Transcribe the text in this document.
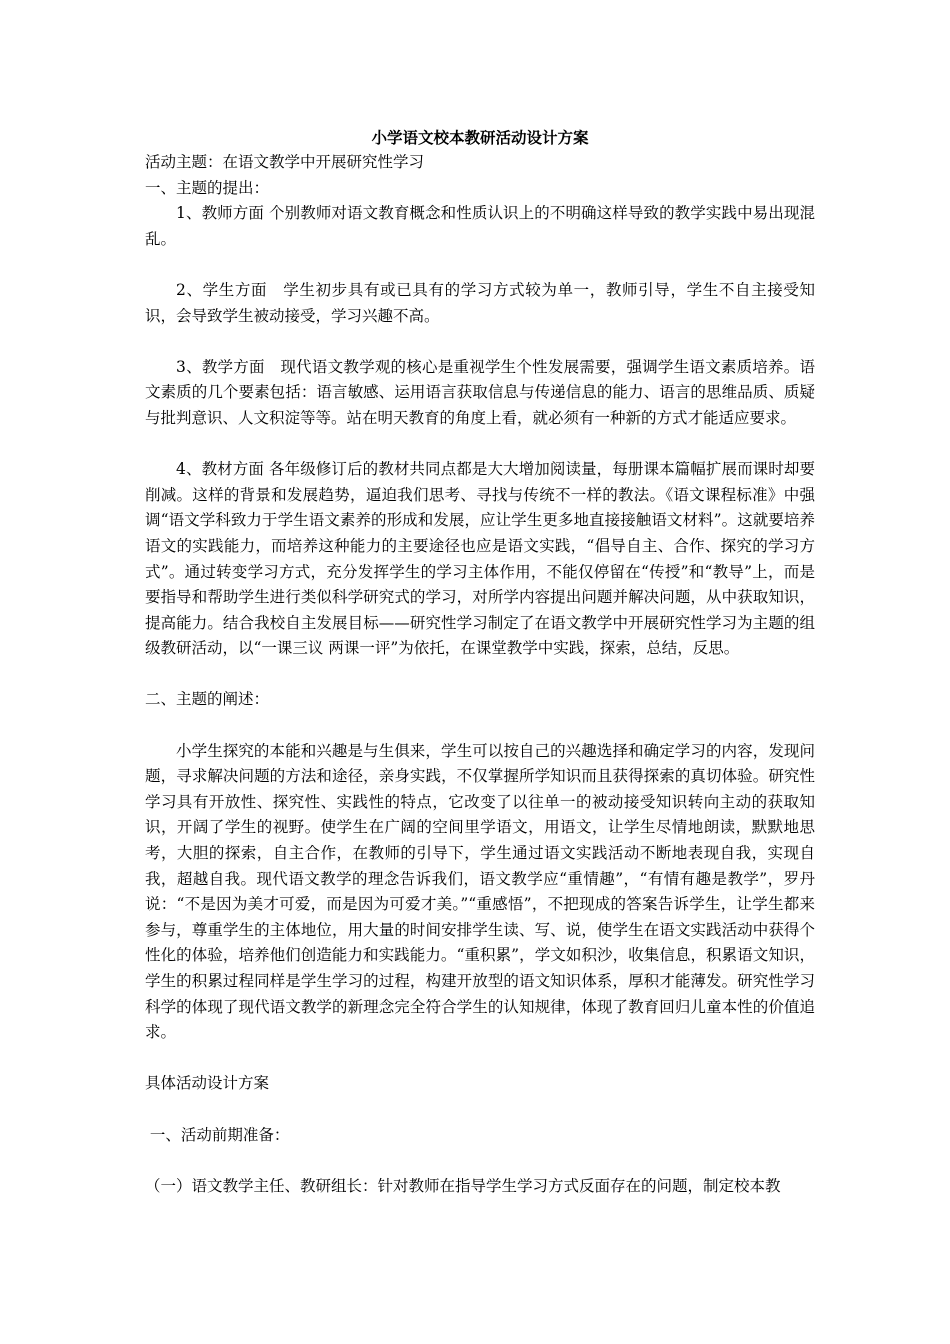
小学语文校本教研活动设计方案

活动主题：在语文教学中开展研究性学习

一、主题的提出：

1、教师方面 个别教师对语文教育概念和性质认识上的不明确这样导致的教学实践中易出现混乱。

2、学生方面　学生初步具有或已具有的学习方式较为单一，教师引导，学生不自主接受知识，会导致学生被动接受，学习兴趣不高。

3、教学方面　现代语文教学观的核心是重视学生个性发展需要，强调学生语文素质培养。语文素质的几个要素包括：语言敏感、运用语言获取信息与传递信息的能力、语言的思维品质、质疑与批判意识、人文积淀等等。站在明天教育的角度上看，就必须有一种新的方式才能适应要求。

4、教材方面 各年级修订后的教材共同点都是大大增加阅读量，每册课本篇幅扩展而课时却要削减。这样的背景和发展趋势，逼迫我们思考、寻找与传统不一样的教法。《语文课程标准》中强调“语文学科致力于学生语文素养的形成和发展，应让学生更多地直接接触语文材料”。这就要培养语文的实践能力，而培养这种能力的主要途径也应是语文实践，“倡导自主、合作、探究的学习方式”。通过转变学习方式，充分发挥学生的学习主体作用，不能仅停留在“传授”和“教导”上，而是要指导和帮助学生进行类似科学研究式的学习，对所学内容提出问题并解决问题，从中获取知识，提高能力。结合我校自主发展目标——研究性学习制定了在语文教学中开展研究性学习为主题的组级教研活动，以“一课三议 两课一评”为依托，在课堂教学中实践，探索，总结，反思。

二、主题的阐述：

小学生探究的本能和兴趣是与生俱来，学生可以按自己的兴趣选择和确定学习的内容，发现问题，寻求解决问题的方法和途径，亲身实践，不仅掌握所学知识而且获得探索的真切体验。研究性学习具有开放性、探究性、实践性的特点，它改变了以往单一的被动接受知识转向主动的获取知识，开阔了学生的视野。使学生在广阔的空间里学语文，用语文，让学生尽情地朗读，默默地思考，大胆的探索，自主合作，在教师的引导下，学生通过语文实践活动不断地表现自我，实现自我，超越自我。现代语文教学的理念告诉我们，语文教学应“重情趣”，“有情有趣是教学”，罗丹说：“不是因为美才可爱，而是因为可爱才美。”“重感悟”，不把现成的答案告诉学生，让学生都来参与，尊重学生的主体地位，用大量的时间安排学生读、写、说，使学生在语文实践活动中获得个性化的体验，培养他们创造能力和实践能力。“重积累”，学文如积沙，收集信息，积累语文知识，学生的积累过程同样是学生学习的过程，构建开放型的语文知识体系，厚积才能薄发。研究性学习科学的体现了现代语文教学的新理念完全符合学生的认知规律，体现了教育回归儿童本性的价值追求。

具体活动设计方案

一、活动前期准备：

（一）语文教学主任、教研组长：针对教师在指导学生学习方式反面存在的问题，制定校本教
